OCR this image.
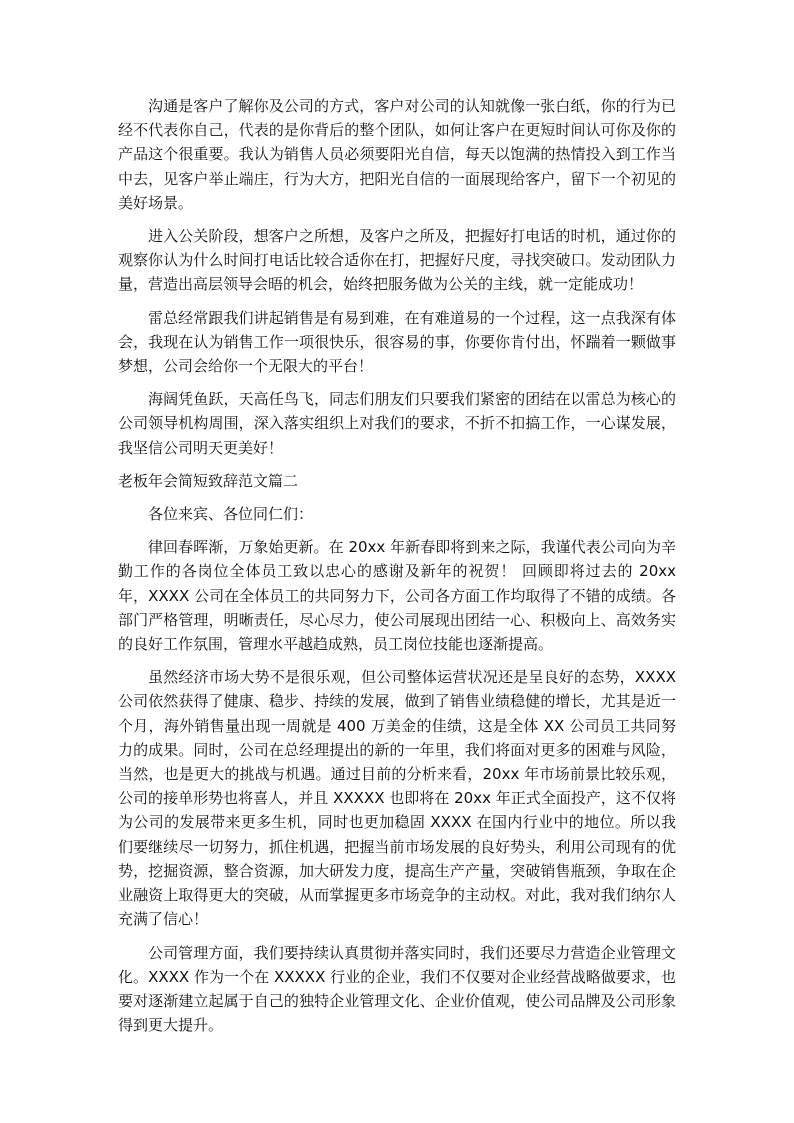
沟通是客户了解你及公司的方式，客户对公司的认知就像一张白纸，你的行为已经不代表你自己，代表的是你背后的整个团队，如何让客户在更短时间认可你及你的产品这个很重要。我认为销售人员必须要阳光自信，每天以饱满的热情投入到工作当中去，见客户举止端庄，行为大方，把阳光自信的一面展现给客户，留下一个初见的美好场景。

进入公关阶段，想客户之所想，及客户之所及，把握好打电话的时机，通过你的观察你认为什么时间打电话比较合适你在打，把握好尺度，寻找突破口。发动团队力量，营造出高层领导会晤的机会，始终把服务做为公关的主线，就一定能成功！

雷总经常跟我们讲起销售是有易到难，在有难道易的一个过程，这一点我深有体会，我现在认为销售工作一项很快乐，很容易的事，你要你肯付出，怀踹着一颗做事梦想，公司会给你一个无限大的平台！

海阔凭鱼跃，天高任鸟飞，同志们朋友们只要我们紧密的团结在以雷总为核心的公司领导机构周围，深入落实组织上对我们的要求，不折不扣搞工作，一心谋发展，我坚信公司明天更美好！

老板年会简短致辞范文篇二

各位来宾、各位同仁们：

律回春晖渐，万象始更新。在 20xx 年新春即将到来之际，我谨代表公司向为辛勤工作的各岗位全体员工致以忠心的感谢及新年的祝贺！ 回顾即将过去的 20xx 年，XXXX 公司在全体员工的共同努力下，公司各方面工作均取得了不错的成绩。各部门严格管理，明晰责任，尽心尽力，使公司展现出团结一心、积极向上、高效务实的良好工作氛围，管理水平越趋成熟，员工岗位技能也逐渐提高。

虽然经济市场大势不是很乐观，但公司整体运营状况还是呈良好的态势，XXXX 公司依然获得了健康、稳步、持续的发展，做到了销售业绩稳健的增长，尤其是近一个月，海外销售量出现一周就是 400 万美金的佳绩，这是全体 XX 公司员工共同努力的成果。同时，公司在总经理提出的新的一年里，我们将面对更多的困难与风险，当然，也是更大的挑战与机遇。通过目前的分析来看，20xx 年市场前景比较乐观，公司的接单形势也将喜人，并且 XXXXX 也即将在 20xx 年正式全面投产，这不仅将为公司的发展带来更多生机，同时也更加稳固 XXXX 在国内行业中的地位。所以我们要继续尽一切努力，抓住机遇，把握当前市场发展的良好势头，利用公司现有的优势，挖掘资源，整合资源，加大研发力度，提高生产产量，突破销售瓶颈，争取在企业融资上取得更大的突破，从而掌握更多市场竞争的主动权。对此，我对我们纳尔人充满了信心！

公司管理方面，我们要持续认真贯彻并落实同时，我们还要尽力营造企业管理文化。XXXX 作为一个在 XXXXX 行业的企业，我们不仅要对企业经营战略做要求，也要对逐渐建立起属于自己的独特企业管理文化、企业价值观，使公司品牌及公司形象得到更大提升。
